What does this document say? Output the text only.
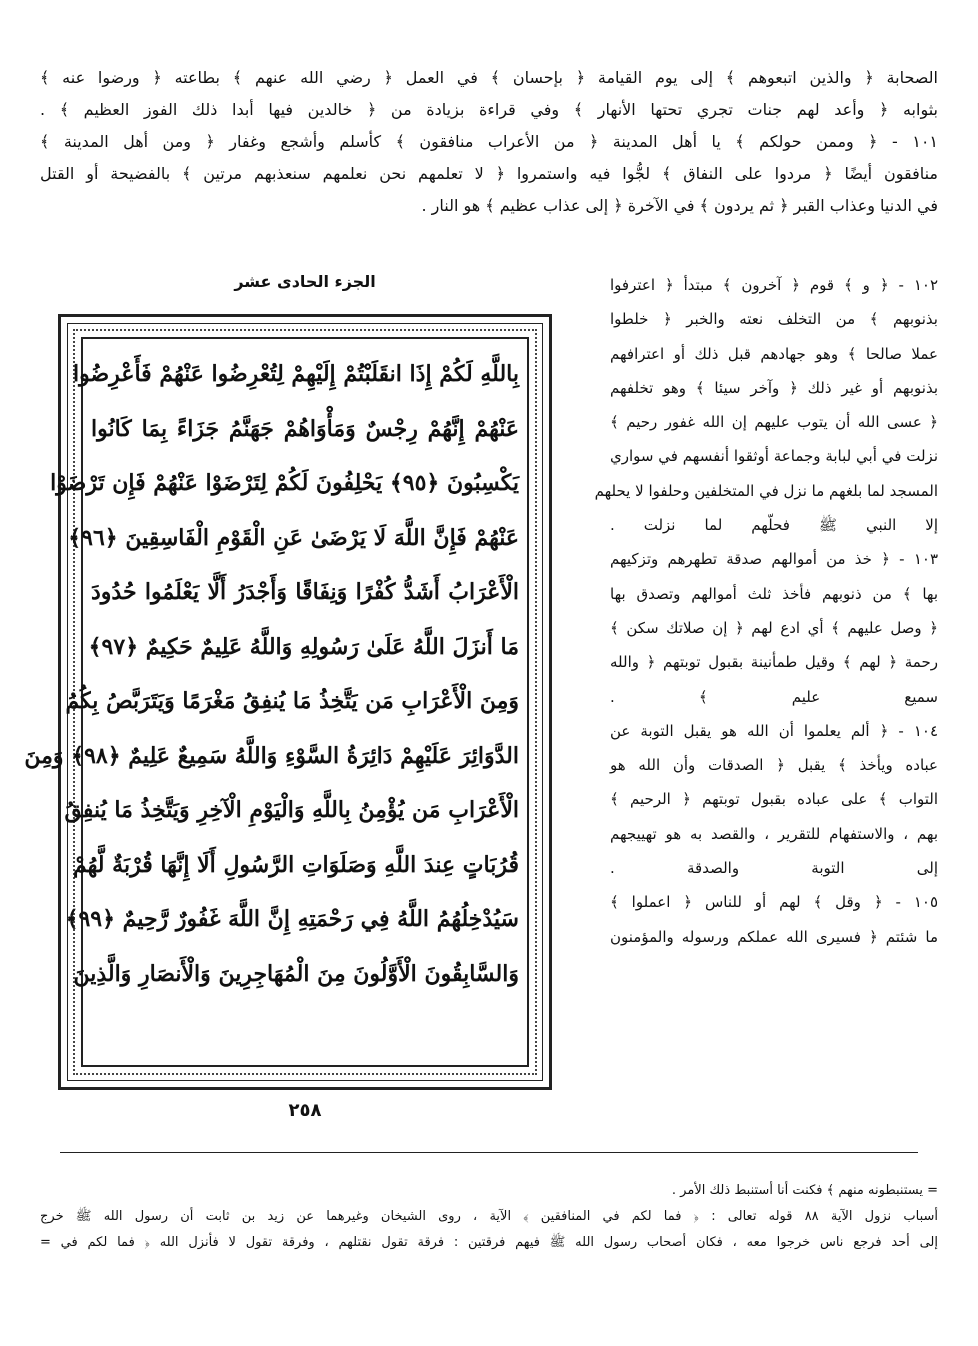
الصحابة ﴿ والذين اتبعوهم ﴾ إلى يوم القيامة ﴿ بإحسان ﴾ في العمل ﴿ رضي الله عنهم ﴾ بطاعته ﴿ ورضوا عنه ﴾
بثوابه ﴿ وأعد لهم جنات تجري تحتها الأنهار ﴾ وفي قراءة بزيادة من ﴿ خالدين فيها أبدا ذلك الفوز العظيم ﴾ .
١٠١ - ﴿ وممن حولكم ﴾ يا أهل المدينة ﴿ من الأعراب منافقون ﴾ كأسلم وأشجع وغفار ﴿ ومن أهل المدينة ﴾
منافقون أيضًا ﴿ مردوا على النفاق ﴾ لجُّوا فيه واستمروا ﴿ لا تعلمهم نحن نعلمهم سنعذبهم مرتين ﴾ بالفضيحة أو القتل
في الدنيا وعذاب القبر ﴿ ثم يردون ﴾ في الآخرة ﴿ إلى عذاب عظيم ﴾ هو النار .
١٠٢ - ﴿ و ﴾ قوم ﴿ آخرون ﴾ مبتدأ ﴿ اعترفوا
بذنوبهم ﴾ من التخلف نعته والخبر ﴿ خلطوا
عملا صالحا ﴾ وهو جهادهم قبل ذلك أو اعترافهم
بذنوبهم أو غير ذلك ﴿ وآخر سيئا ﴾ وهو تخلفهم
﴿ عسى الله أن يتوب عليهم إن الله غفور رحيم ﴾
نزلت في أبي لبابة وجماعة أوثقوا أنفسهم في سواري
المسجد لما بلغهم ما نزل في المتخلفين وحلفوا لا يحلهم
إلا النبي ﷺ فحلّهم لما نزلت .
١٠٣ - ﴿ خذ من أموالهم صدقة تطهرهم وتزكيهم
بها ﴾ من ذنوبهم فأخذ ثلث أموالهم وتصدق بها
﴿ وصل عليهم ﴾ أي ادع لهم ﴿ إن صلاتك سكن ﴾
رحمة ﴿ لهم ﴾ وقيل طمأنينة بقبول توبتهم ﴿ والله
سميع عليم ﴾ .
١٠٤ - ﴿ ألم يعلموا أن الله هو يقبل التوبة عن
عباده ويأخذ ﴾ يقبل ﴿ الصدقات وأن الله هو
التواب ﴾ على عباده بقبول توبتهم ﴿ الرحيم ﴾
بهم ، والاستفهام للتقرير ، والقصد به هو تهييجهم
إلى التوبة والصدقة .
١٠٥ - ﴿ وقل ﴾ لهم أو للناس ﴿ اعملوا ﴾
ما شئتم ﴿ فسيرى الله عملكم ورسوله والمؤمنون
الجزء الحادى عشر
بِاللَّهِ لَكُمْ إِذَا انقَلَبْتُمْ إِلَيْهِمْ لِتُعْرِضُوا عَنْهُمْ فَأَعْرِضُوا
عَنْهُمْ إِنَّهُمْ رِجْسٌ وَمَأْوَاهُمْ جَهَنَّمُ جَزَاءً بِمَا كَانُوا
يَكْسِبُونَ ﴿٩٥﴾ يَحْلِفُونَ لَكُمْ لِتَرْضَوْا عَنْهُمْ فَإِن تَرْضَوْا
عَنْهُمْ فَإِنَّ اللَّهَ لَا يَرْضَىٰ عَنِ الْقَوْمِ الْفَاسِقِينَ ﴿٩٦﴾
الْأَعْرَابُ أَشَدُّ كُفْرًا وَنِفَاقًا وَأَجْدَرُ أَلَّا يَعْلَمُوا حُدُودَ
مَا أَنزَلَ اللَّهُ عَلَىٰ رَسُولِهِ وَاللَّهُ عَلِيمٌ حَكِيمٌ ﴿٩٧﴾
وَمِنَ الْأَعْرَابِ مَن يَتَّخِذُ مَا يُنفِقُ مَغْرَمًا وَيَتَرَبَّصُ بِكُمُ
الدَّوَائِرَ عَلَيْهِمْ دَائِرَةُ السَّوْءِ وَاللَّهُ سَمِيعٌ عَلِيمٌ ﴿٩٨﴾ وَمِنَ
الْأَعْرَابِ مَن يُؤْمِنُ بِاللَّهِ وَالْيَوْمِ الْآخِرِ وَيَتَّخِذُ مَا يُنفِقُ
قُرُبَاتٍ عِندَ اللَّهِ وَصَلَوَاتِ الرَّسُولِ أَلَا إِنَّهَا قُرْبَةٌ لَّهُمْ
سَيُدْخِلُهُمُ اللَّهُ فِي رَحْمَتِهِ إِنَّ اللَّهَ غَفُورٌ رَّحِيمٌ ﴿٩٩﴾
وَالسَّابِقُونَ الْأَوَّلُونَ مِنَ الْمُهَاجِرِينَ وَالْأَنصَارِ وَالَّذِينَ
٢٥٨
= يستنبطونه منهم ﴾ فكنت أنا أستنبط ذلك الأمر .
أسباب نزول الآية ٨٨ قوله تعالى : ﴿ فما لكم في المنافقين ﴾ الآية ، روى الشيخان وغيرهما عن زيد بن ثابت أن رسول الله ﷺ خرج
إلى أحد فرجع ناس خرجوا معه ، فكان أصحاب رسول الله ﷺ فيهم فرقتين : فرقة تقول نقتلهم ، وفرقة تقول لا فأنزل الله ﴿ فما لكم في =
